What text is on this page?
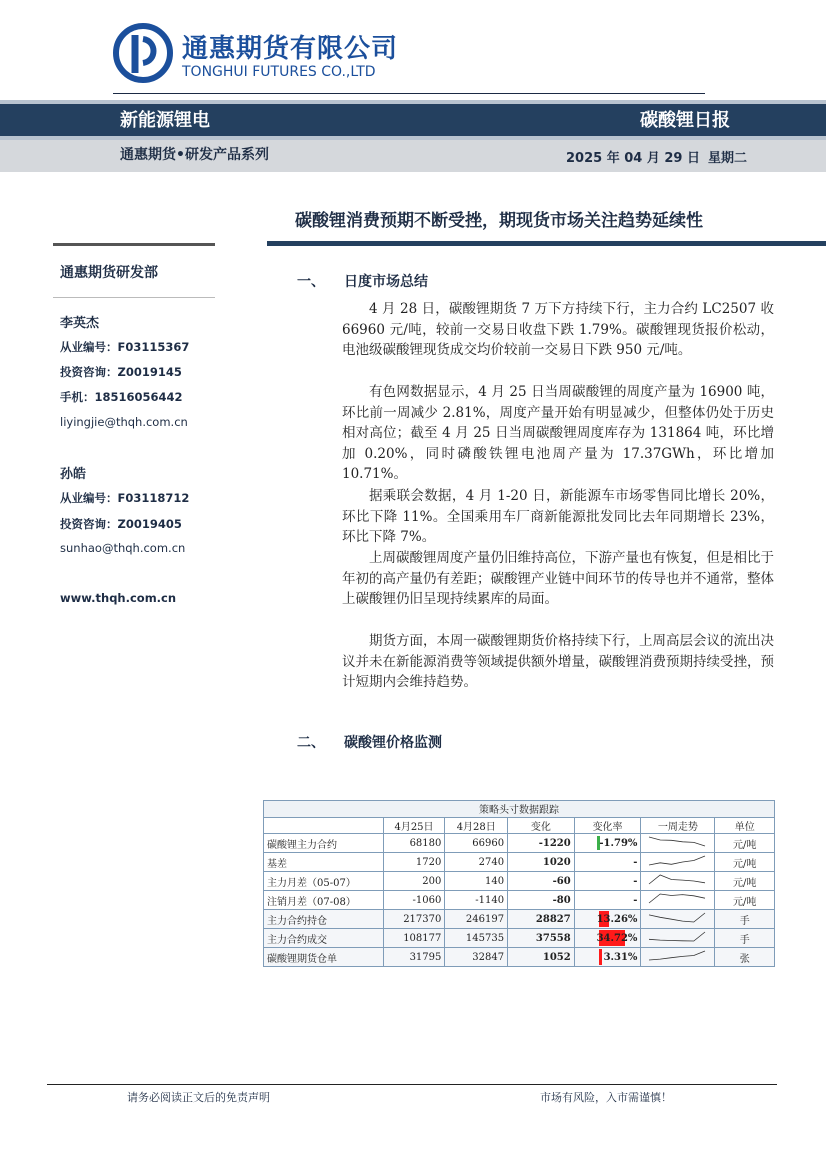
通惠期货有限公司
TONGHUI FUTURES CO.,LTD
新能源锂电	碳酸锂日报
通惠期货•研发产品系列	2025 年 04 月 29 日 星期二
碳酸锂消费预期不断受挫，期现货市场关注趋势延续性
通惠期货研发部
李英杰
从业编号：F03115367
投资咨询：Z0019145
手机：18516056442
liyingjie@thqh.com.cn
孙皓
从业编号：F03118712
投资咨询：Z0019405
sunhao@thqh.com.cn
www.thqh.com.cn
一、 日度市场总结
4 月 28 日，碳酸锂期货 7 万下方持续下行，主力合约 LC2507 收 66960 元/吨，较前一交易日收盘下跌 1.79%。碳酸锂现货报价松动，电池级碳酸锂现货成交均价较前一交易日下跌 950 元/吨。
有色网数据显示，4 月 25 日当周碳酸锂的周度产量为 16900 吨，环比前一周减少 2.81%，周度产量开始有明显减少，但整体仍处于历史相对高位；截至 4 月 25 日当周碳酸锂周度库存为 131864 吨，环比增加 0.20%，同时磷酸铁锂电池周产量为 17.37GWh，环比增加 10.71%。
据乘联会数据，4 月 1-20 日，新能源车市场零售同比增长 20%，环比下降 11%。全国乘用车厂商新能源批发同比去年同期增长 23%，环比下降 7%。
上周碳酸锂周度产量仍旧维持高位，下游产量也有恢复，但是相比于年初的高产量仍有差距；碳酸锂产业链中间环节的传导也并不通常，整体上碳酸锂仍旧呈现持续累库的局面。
期货方面，本周一碳酸锂期货价格持续下行，上周高层会议的流出决议并未在新能源消费等领域提供额外增量，碳酸锂消费预期持续受挫，预计短期内会维持趋势。
二、 碳酸锂价格监测
策略头寸数据跟踪						
	4月25日	4月28日	变化	变化率	一周走势	单位
碳酸锂主力合约	68180	66960	-1220	-1.79%		元/吨
基差	1720	2740	1020	-		元/吨
主力月差（05-07）	200	140	-60	-		元/吨
注销月差（07-08）	-1060	-1140	-80	-		元/吨
主力合约持仓	217370	246197	28827	13.26%		手
主力合约成交	108177	145735	37558	34.72%		手
碳酸锂期货仓单	31795	32847	1052	3.31%		张
请务必阅读正文后的免责声明	市场有风险，入市需谨慎！
